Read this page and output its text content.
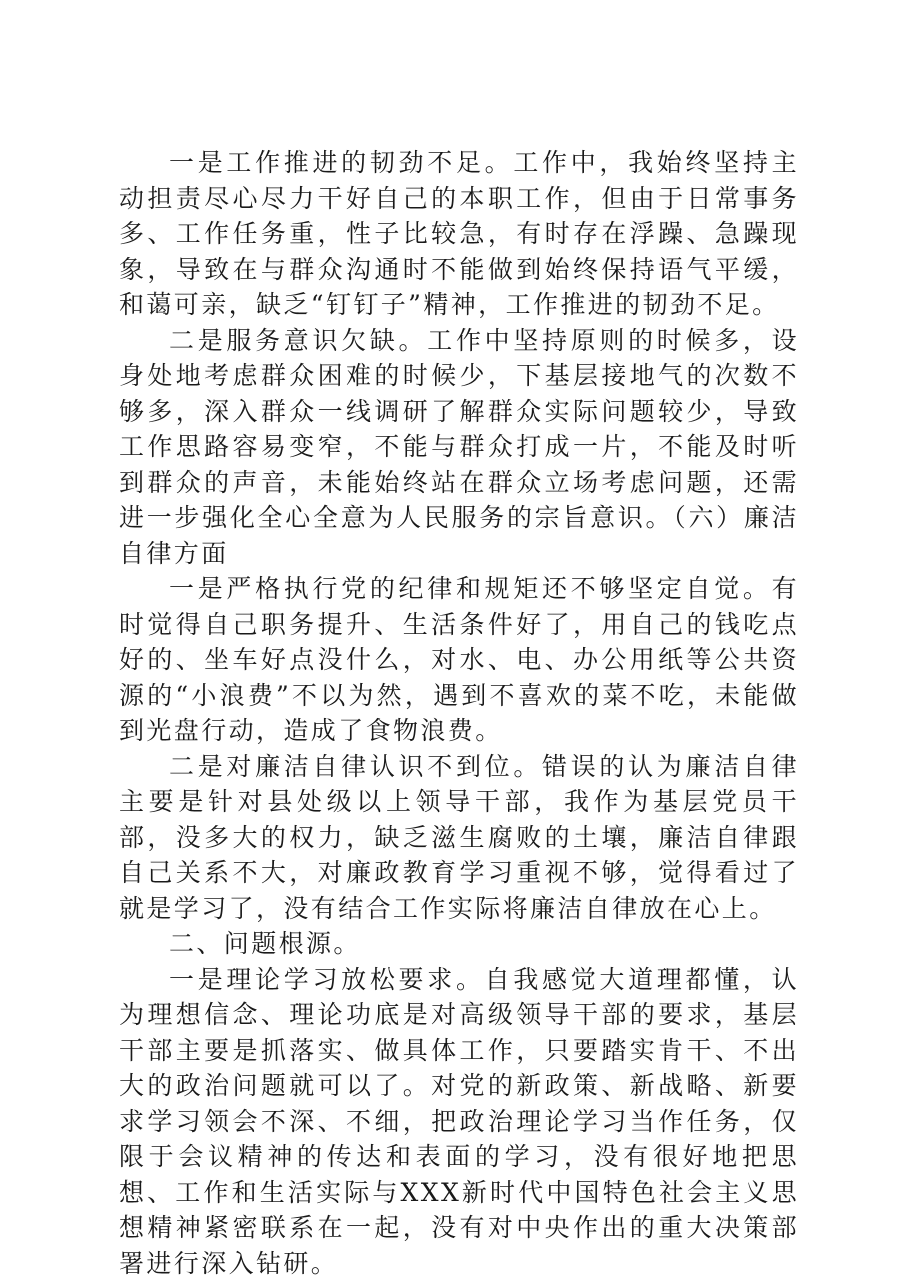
一是工作推进的韧劲不足。工作中，我始终坚持主动担责尽心尽力干好自己的本职工作，但由于日常事务多、工作任务重，性子比较急，有时存在浮躁、急躁现象，导致在与群众沟通时不能做到始终保持语气平缓，和蔼可亲，缺乏“钉钉子”精神，工作推进的韧劲不足。

二是服务意识欠缺。工作中坚持原则的时候多，设身处地考虑群众困难的时候少，下基层接地气的次数不够多，深入群众一线调研了解群众实际问题较少，导致工作思路容易变窄，不能与群众打成一片，不能及时听到群众的声音，未能始终站在群众立场考虑问题，还需进一步强化全心全意为人民服务的宗旨意识。（六）廉洁自律方面

一是严格执行党的纪律和规矩还不够坚定自觉。有时觉得自己职务提升、生活条件好了，用自己的钱吃点好的、坐车好点没什么，对水、电、办公用纸等公共资源的“小浪费”不以为然，遇到不喜欢的菜不吃，未能做到光盘行动，造成了食物浪费。

二是对廉洁自律认识不到位。错误的认为廉洁自律主要是针对县处级以上领导干部，我作为基层党员干部，没多大的权力，缺乏滋生腐败的土壤，廉洁自律跟自己关系不大，对廉政教育学习重视不够，觉得看过了就是学习了，没有结合工作实际将廉洁自律放在心上。

二、问题根源。

一是理论学习放松要求。自我感觉大道理都懂，认为理想信念、理论功底是对高级领导干部的要求，基层干部主要是抓落实、做具体工作，只要踏实肯干、不出大的政治问题就可以了。对党的新政策、新战略、新要求学习领会不深、不细，把政治理论学习当作任务，仅限于会议精神的传达和表面的学习，没有很好地把思想、工作和生活实际与XXX新时代中国特色社会主义思想精神紧密联系在一起，没有对中央作出的重大决策部署进行深入钻研。
